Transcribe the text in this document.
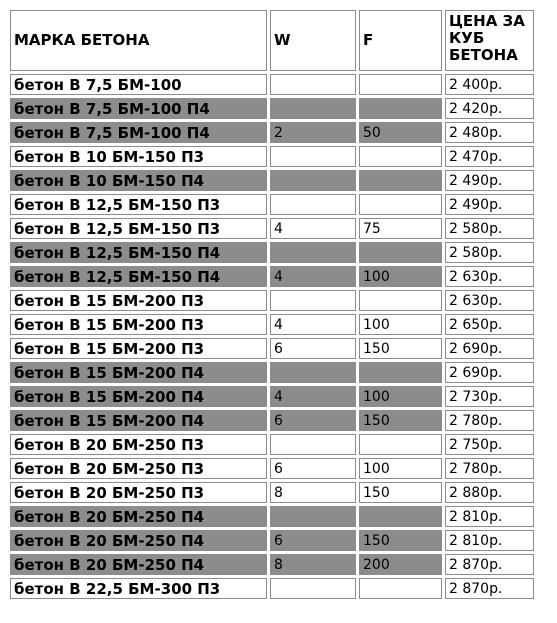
МАРКА БЕТОНА	W	F	ЦЕНА ЗА КУБ БЕТОНА
бетон В 7,5 БМ-100			2 400р.
бетон В 7,5 БМ-100 П4			2 420р.
бетон В 7,5 БМ-100 П4	2	50	2 480р.
бетон В 10 БМ-150 П3			2 470р.
бетон В 10 БМ-150 П4			2 490р.
бетон В 12,5 БМ-150 П3			2 490р.
бетон В 12,5 БМ-150 П3	4	75	2 580р.
бетон В 12,5 БМ-150 П4			2 580р.
бетон В 12,5 БМ-150 П4	4	100	2 630р.
бетон В 15 БМ-200 П3			2 630р.
бетон В 15 БМ-200 П3	4	100	2 650р.
бетон В 15 БМ-200 П3	6	150	2 690р.
бетон В 15 БМ-200 П4			2 690р.
бетон В 15 БМ-200 П4	4	100	2 730р.
бетон В 15 БМ-200 П4	6	150	2 780р.
бетон В 20 БМ-250 П3			2 750р.
бетон В 20 БМ-250 П3	6	100	2 780р.
бетон В 20 БМ-250 П3	8	150	2 880р.
бетон В 20 БМ-250 П4			2 810р.
бетон В 20 БМ-250 П4	6	150	2 810р.
бетон В 20 БМ-250 П4	8	200	2 870р.
бетон В 22,5 БМ-300 П3			2 870р.
